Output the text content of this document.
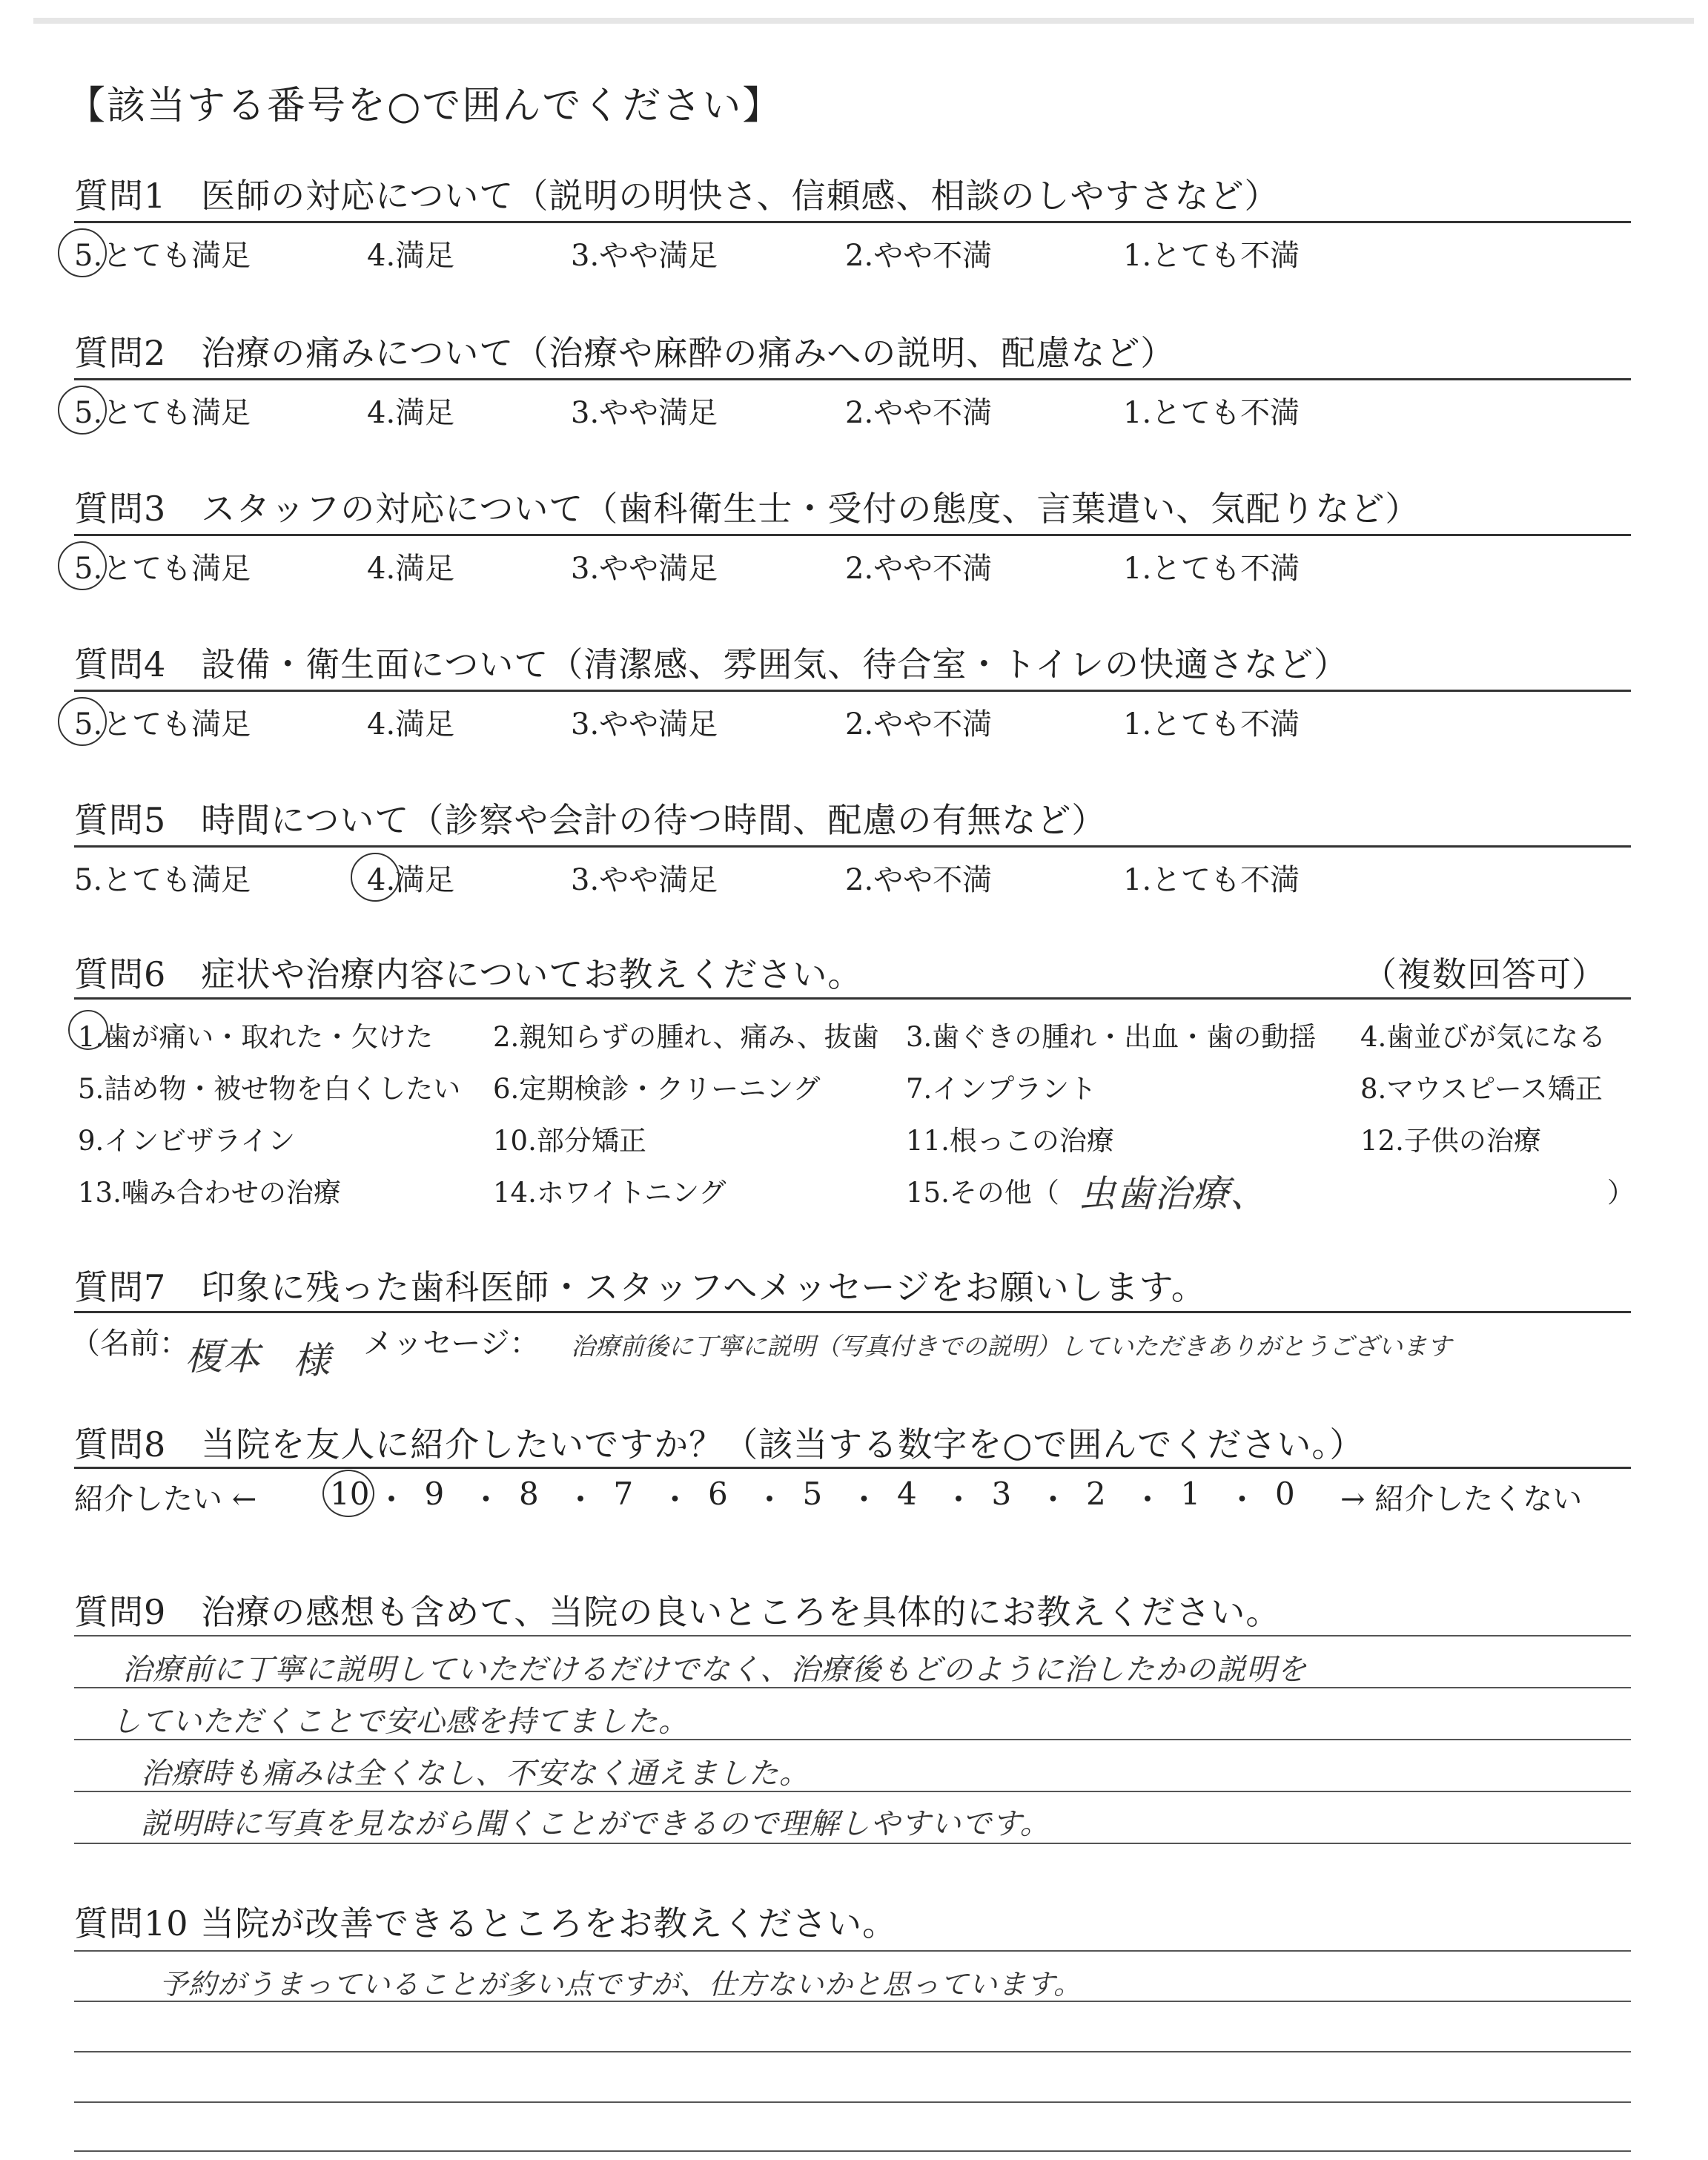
【該当する番号を○で囲んでください】
質問1　医師の対応について（説明の明快さ、信頼感、相談のしやすさなど）
5.とても満足	4.満足	3.やや満足	2.やや不満	1.とても不満
質問2　治療の痛みについて（治療や麻酔の痛みへの説明、配慮など）
5.とても満足	4.満足	3.やや満足	2.やや不満	1.とても不満
質問3　スタッフの対応について（歯科衛生士・受付の態度、言葉遣い、気配りなど）
5.とても満足	4.満足	3.やや満足	2.やや不満	1.とても不満
質問4　設備・衛生面について（清潔感、雰囲気、待合室・トイレの快適さなど）
5.とても満足	4.満足	3.やや満足	2.やや不満	1.とても不満
質問5　時間について（診察や会計の待つ時間、配慮の有無など）
5.とても満足	4.満足	3.やや満足	2.やや不満	1.とても不満
質問6　症状や治療内容についてお教えください。	（複数回答可）
1.歯が痛い・取れた・欠けた 2.親知らずの腫れ、痛み、抜歯 3.歯ぐきの腫れ・出血・歯の動揺 4.歯並びが気になる
5.詰め物・被せ物を白くしたい 6.定期検診・クリーニング	7.インプラント	8.マウスピース矯正
9.インビザライン	10.部分矯正	11.根っこの治療	12.子供の治療
13.噛み合わせの治療	14.ホワイトニング	15.その他（	）
虫歯治療、
質問7　印象に残った歯科医師・スタッフへメッセージをお願いします。
（名前：
榎本 様 メッセージ： 治療前後に丁寧に説明（写真付きでの説明）していただきありがとうございます
質問8　当院を友人に紹介したいですか？（該当する数字を○で囲んでください。）
紹介したい ←	→ 紹介したくない
10 ・ 9 ・ 8 ・ 7 ・ 6 ・ 5 ・ 4 ・ 3 ・ 2 ・ 1 ・ 0
質問9　治療の感想も含めて、当院の良いところを具体的にお教えください。
治療前に丁寧に説明していただけるだけでなく、治療後もどのように治したかの説明を
していただくことで安心感を持てました。
治療時も痛みは全くなし、不安なく通えました。
説明時に写真を見ながら聞くことができるので理解しやすいです。
質問10 当院が改善できるところをお教えください。
予約がうまっていることが多い点ですが、仕方ないかと思っています。
